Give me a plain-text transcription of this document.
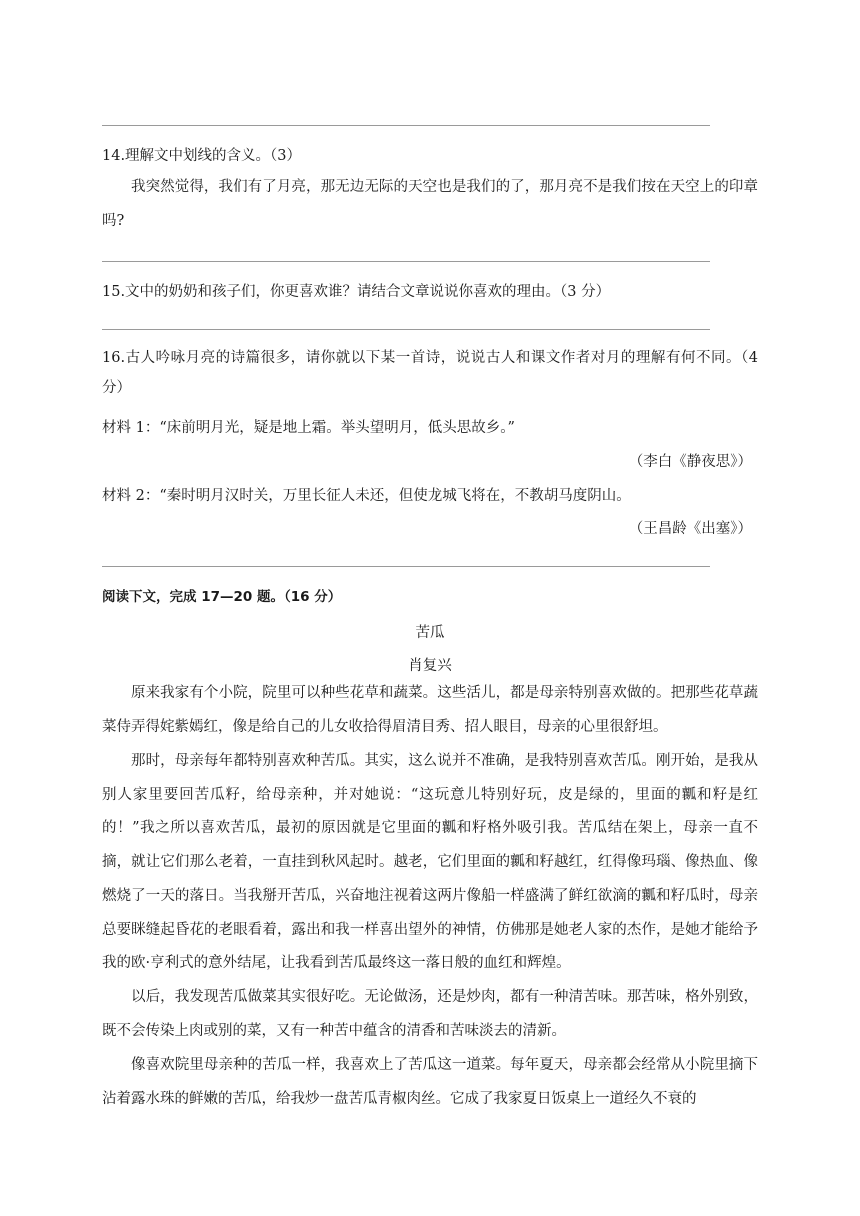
14.理解文中划线的含义。（3）
我突然觉得，我们有了月亮，那无边无际的天空也是我们的了，那月亮不是我们按在天空上的印章吗?
15.文中的奶奶和孩子们，你更喜欢谁？请结合文章说说你喜欢的理由。（3 分）
16.古人吟咏月亮的诗篇很多，请你就以下某一首诗，说说古人和课文作者对月的理解有何不同。（4 分）
材料 1：“床前明月光，疑是地上霜。举头望明月，低头思故乡。”
（李白《静夜思》）
材料 2：“秦时明月汉时关，万里长征人未还，但使龙城飞将在，不教胡马度阴山。
（王昌龄《出塞》）
阅读下文，完成 17—20 题。（16 分）
苦瓜
肖复兴
原来我家有个小院，院里可以种些花草和蔬菜。这些活儿，都是母亲特别喜欢做的。把那些花草蔬菜侍弄得姹紫嫣红，像是给自己的儿女收拾得眉清目秀、招人眼目，母亲的心里很舒坦。
那时，母亲每年都特别喜欢种苦瓜。其实，这么说并不准确，是我特别喜欢苦瓜。刚开始，是我从别人家里要回苦瓜籽，给母亲种，并对她说：“这玩意儿特别好玩，皮是绿的，里面的瓤和籽是红的！”我之所以喜欢苦瓜，最初的原因就是它里面的瓤和籽格外吸引我。苦瓜结在架上，母亲一直不摘，就让它们那么老着，一直挂到秋风起时。越老，它们里面的瓤和籽越红，红得像玛瑙、像热血、像燃烧了一天的落日。当我掰开苦瓜，兴奋地注视着这两片像船一样盛满了鲜红欲滴的瓤和籽瓜时，母亲总要眯缝起昏花的老眼看着，露出和我一样喜出望外的神情，仿佛那是她老人家的杰作，是她才能给予我的欧·亨利式的意外结尾，让我看到苦瓜最终这一落日般的血红和辉煌。
以后，我发现苦瓜做菜其实很好吃。无论做汤，还是炒肉，都有一种清苦味。那苦味，格外别致，既不会传染上肉或别的菜，又有一种苦中蕴含的清香和苦味淡去的清新。
像喜欢院里母亲种的苦瓜一样，我喜欢上了苦瓜这一道菜。每年夏天，母亲都会经常从小院里摘下沾着露水珠的鲜嫩的苦瓜，给我炒一盘苦瓜青椒肉丝。它成了我家夏日饭桌上一道经久不衰的
